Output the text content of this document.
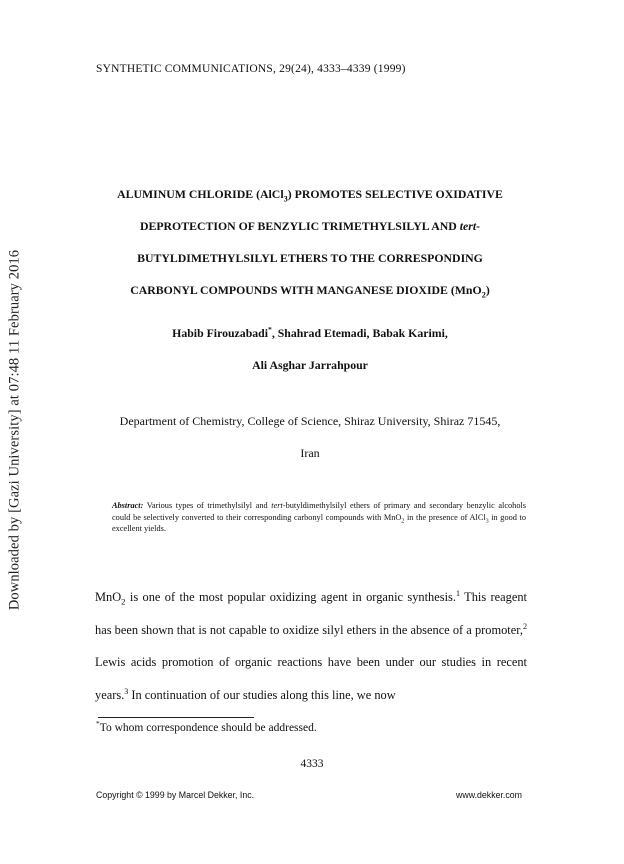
Downloaded by [Gazi University] at 07:48 11 February 2016
SYNTHETIC COMMUNICATIONS, 29(24), 4333–4339 (1999)
ALUMINUM CHLORIDE (AlCl$_3$) PROMOTES SELECTIVE OXIDATIVE
DEPROTECTION OF BENZYLIC TRIMETHYLSILYL AND tert-
BUTYLDIMETHYLSILYL ETHERS TO THE CORRESPONDING
CARBONYL COMPOUNDS WITH MANGANESE DIOXIDE (MnO$_2$)
Habib Firouzabadi*, Shahrad Etemadi, Babak Karimi,
Ali Asghar Jarrahpour
Department of Chemistry, College of Science, Shiraz University, Shiraz 71545,
Iran
Abstract: Various types of trimethylsilyl and tert-butyldimethylsilyl ethers of primary and secondary benzylic alcohols could be selectively converted to their corresponding carbonyl compounds with MnO$_2$ in the presence of AlCl$_3$ in good to excellent yields.

MnO$_2$ is one of the most popular oxidizing agent in organic synthesis.$^1$ This reagent has been shown that is not capable to oxidize silyl ethers in the absence of a promoter,$^2$ Lewis acids promotion of organic reactions have been under our studies in recent years.$^3$ In continuation of our studies along this line, we now

*To whom correspondence should be addressed.
4333
Copyright © 1999 by Marcel Dekker, Inc.	www.dekker.com
